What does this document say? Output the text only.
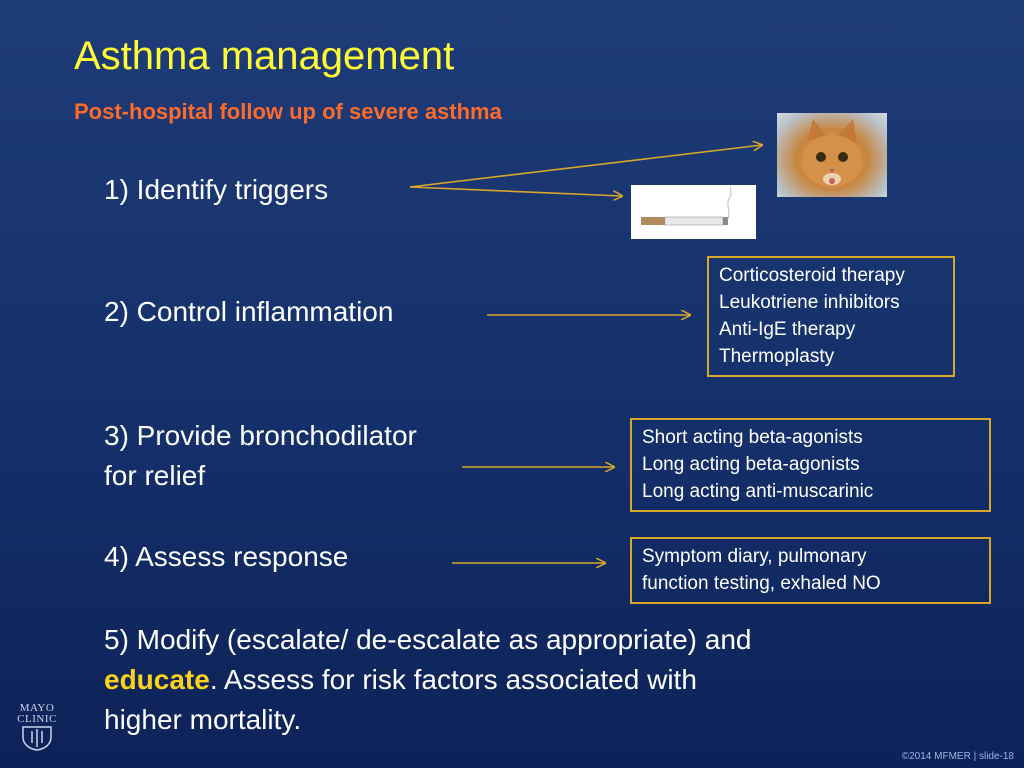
Asthma management
Post-hospital follow up of severe asthma
1) Identify triggers
2) Control inflammation
3) Provide bronchodilator
for relief
4) Assess response
5) Modify (escalate/ de-escalate as appropriate) and
educate. Assess for risk factors associated with
higher mortality.
Corticosteroid therapy
Leukotriene inhibitors
Anti-IgE therapy
Thermoplasty
Short acting beta-agonists
Long acting beta-agonists
Long acting anti-muscarinic
Symptom diary, pulmonary
function testing, exhaled NO
MAYO
CLINIC
©2014 MFMER | slide-18
